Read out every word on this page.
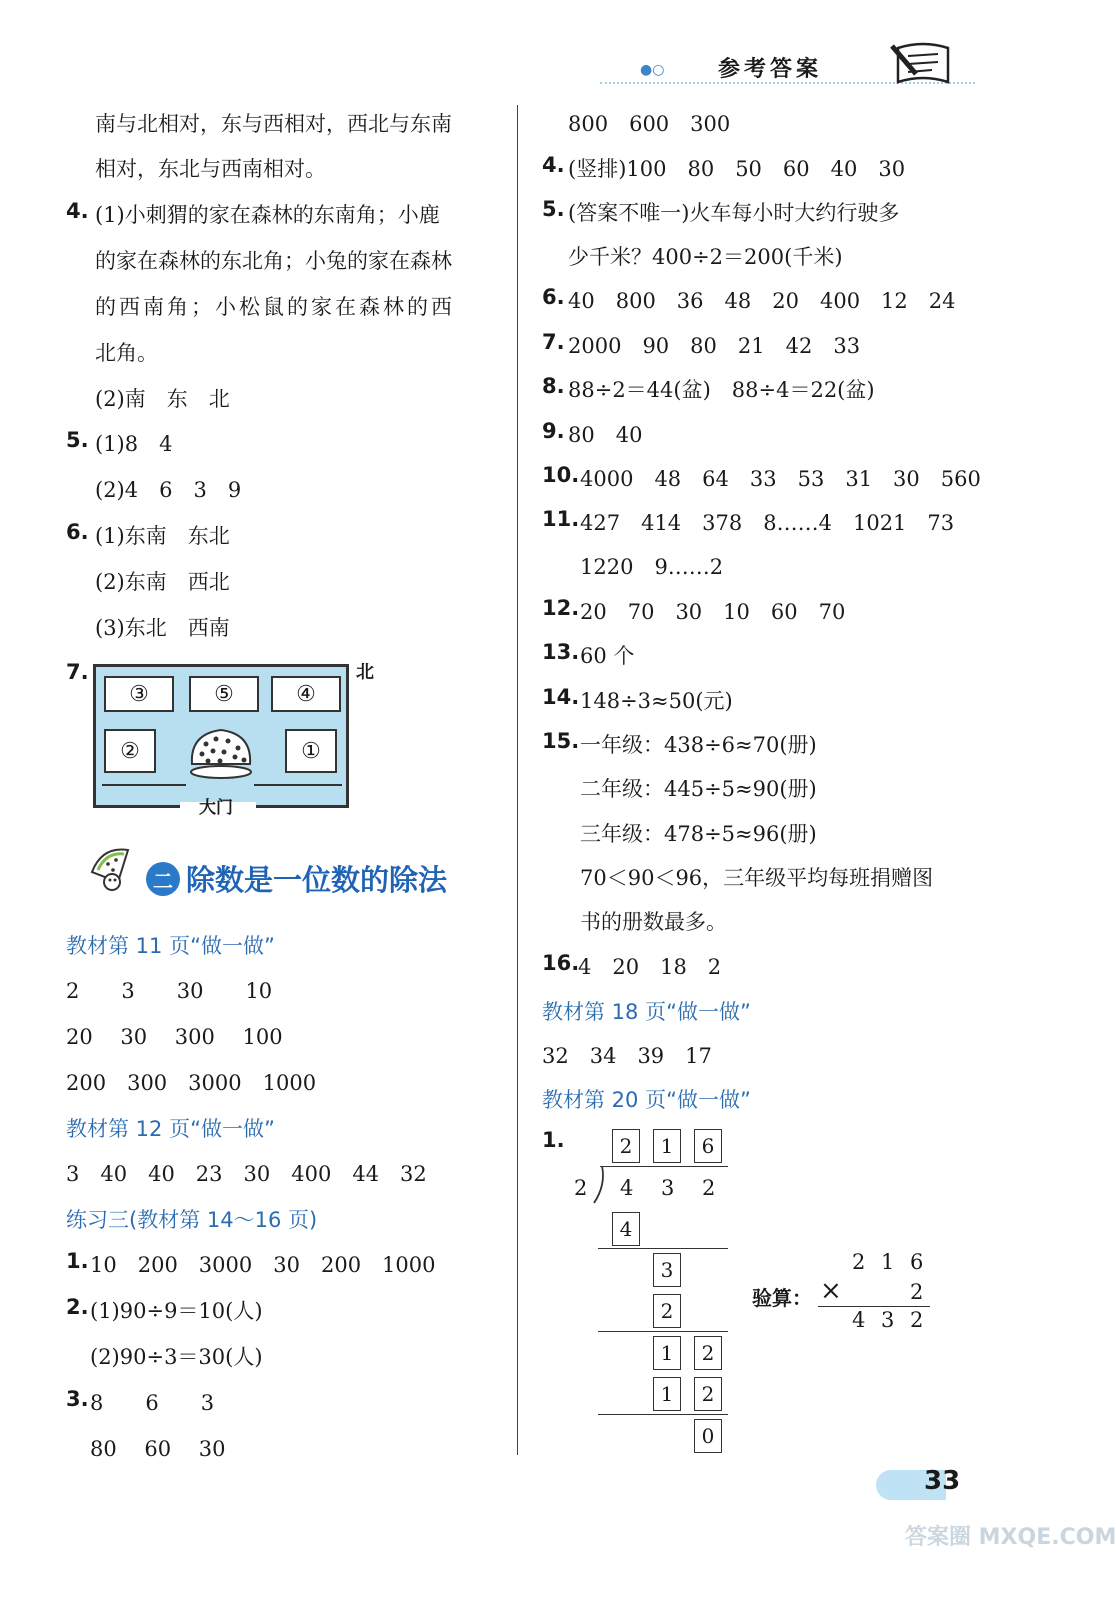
●○ 参考答案
南与北相对，东与西相对，西北与东南
相对，东北与西南相对。
4. (1)小刺猬的家在森林的东南角；小鹿
的家在森林的东北角；小兔的家在森林
的西南角；小松鼠的家在森林的西
北角。
(2)南　东　北
5. (1)8　4
(2)4　6　3　9
6. (1)东南　东北
(2)东南　西北
(3)东北　西南
7.
③	⑤	④
②	①
北
大门
二 除数是一位数的除法
教材第 11 页“做一做”
2　　3　　30　　10
20　 30　 300　 100
200　300　3000　1000
教材第 12 页“做一做”
3　40　40　23　30　400　44　32
练习三(教材第 14～16 页)
1. 10　200　3000　30　200　1000
2. (1)90÷9＝10(人)
(2)90÷3＝30(人)
3. 8　　6　　3
80　 60　 30
800　600　300
4. (竖排)100　80　50　60　40　30
5. (答案不唯一)火车每小时大约行驶多
少千米？400÷2＝200(千米)
6. 40　800　36　48　20　400　12　24
7. 2000　90　80　21　42　33
8. 88÷2＝44(盆)　88÷4＝22(盆)
9. 80　40
10. 4000　48　64　33　53　31　30　560
11. 427　414　378　8……4　1021　73
1220　9……2
12. 20　70　30　10　60　70
13. 60 个
14. 148÷3≈50(元)
15. 一年级：438÷6≈70(册)
二年级：445÷5≈90(册)
三年级：478÷5≈96(册)
70＜90＜96，三年级平均每班捐赠图
书的册数最多。
16.
4　20　18　2
教材第 18 页“做一做”
32　34　39　17
教材第 20 页“做一做”
1.	2	1	6
2 4 3 2
4
3
2
1	2
1	2
0
2 1 6
验算： ×	2
4 3 2
33
答案圈 MXQE.COM
